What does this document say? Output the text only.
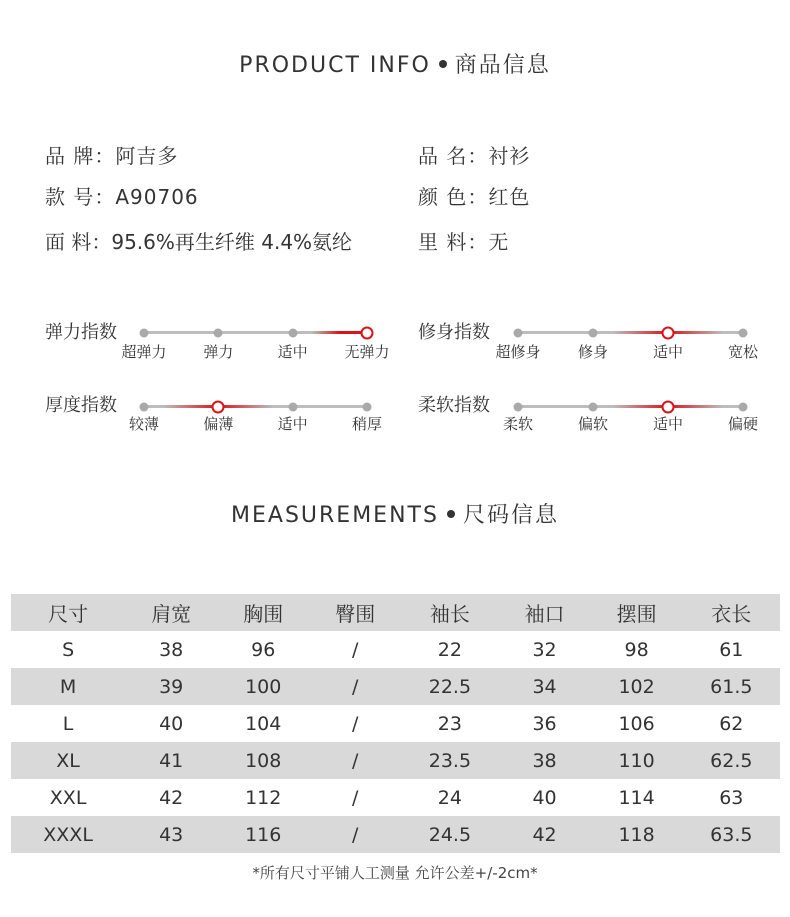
PRODUCT INFO 商品信息
品 牌：阿吉多	品 名：衬衫
款 号：A90706	颜 色：红色
面 料：95.6%再生纤维 4.4%氨纶	里 料：无
弹力指数
超弹力 弹力	适中 无弹力
修身指数
超修身 修身	适中	宽松
厚度指数
较薄	偏薄	适中	稍厚
柔软指数
柔软	偏软	适中	偏硬
MEASUREMENTS 尺码信息
尺寸	肩宽	胸围	臀围	袖长	袖口	摆围	衣长
S	38	96	/	22	32	98	61
M	39	100	/	22.5	34	102	61.5
L	40	104	/	23	36	106	62
XL	41	108	/	23.5	38	110	62.5
XXL	42	112	/	24	40	114	63
XXXL	43	116	/	24.5	42	118	63.5
*所有尺寸平铺人工测量 允许公差+/-2cm*
